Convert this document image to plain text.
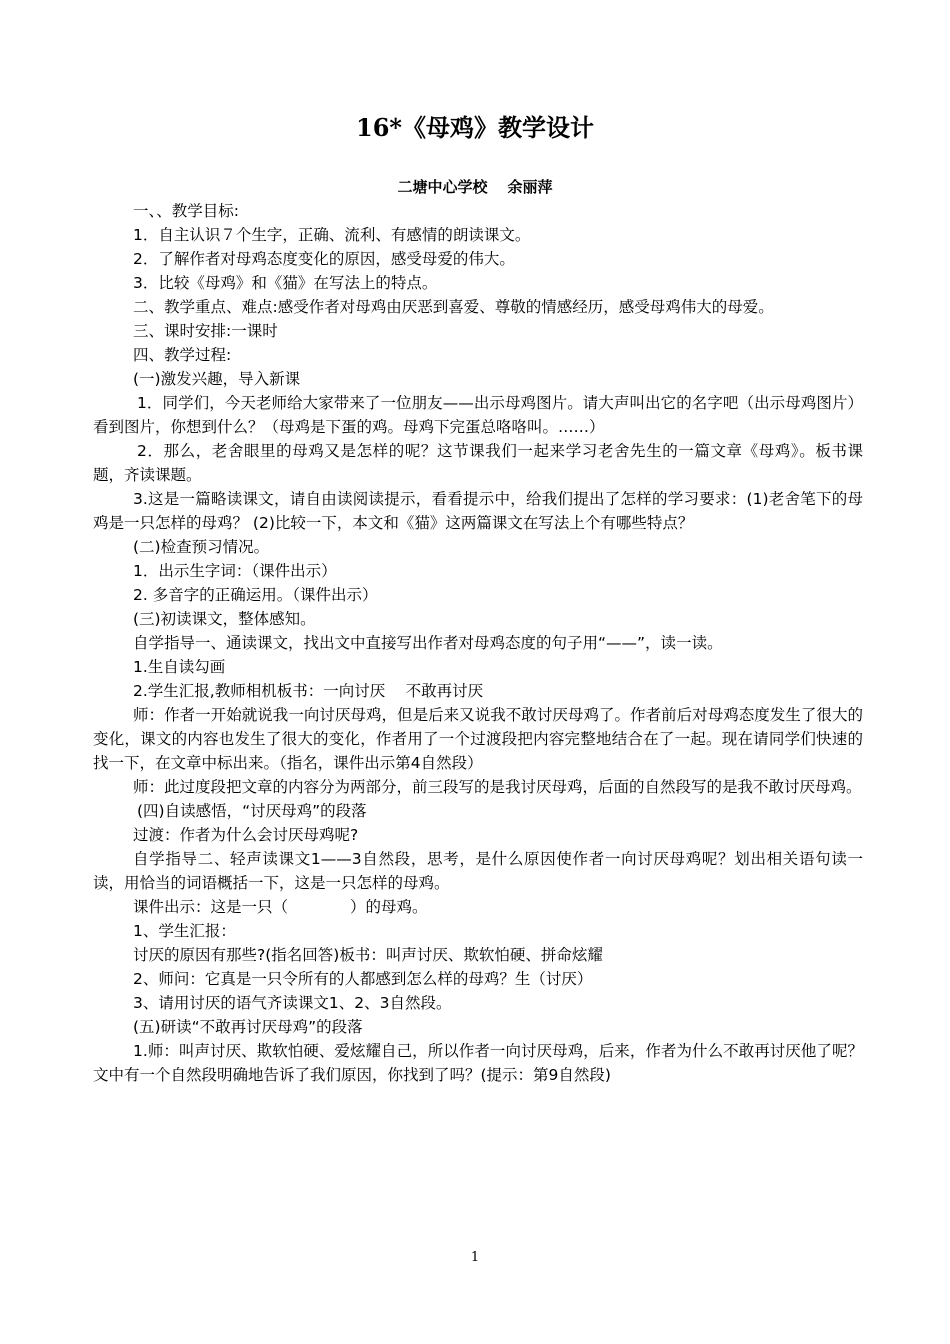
16*《母鸡》教学设计
二塘中心学校 余丽萍

一、、教学目标:

1．自主认识７个生字，正确、流利、有感情的朗读课文。

2．了解作者对母鸡态度变化的原因，感受母爱的伟大。

3．比较《母鸡》和《猫》在写法上的特点。

二、教学重点、难点:感受作者对母鸡由厌恶到喜爱、尊敬的情感经历，感受母鸡伟大的母爱。

三、课时安排:一课时

四、教学过程:

(一)激发兴趣，导入新课

1．同学们，今天老师给大家带来了一位朋友——出示母鸡图片。请大声叫出它的名字吧（出示母鸡图片）看到图片，你想到什么？（母鸡是下蛋的鸡。母鸡下完蛋总咯咯叫。……）

2．那么，老舍眼里的母鸡又是怎样的呢？这节课我们一起来学习老舍先生的一篇文章《母鸡》。板书课题，齐读课题。

3.这是一篇略读课文，请自由读阅读提示，看看提示中，给我们提出了怎样的学习要求：(1)老舍笔下的母鸡是一只怎样的母鸡？ (2)比较一下，本文和《猫》这两篇课文在写法上个有哪些特点？

(二)检查预习情况。

1．出示生字词：（课件出示）

2. 多音字的正确运用。（课件出示）

(三)初读课文，整体感知。

自学指导一、通读课文，找出文中直接写出作者对母鸡态度的句子用“——”，读一读。

1.生自读勾画

2.学生汇报,教师相机板书：一向讨厌　 不敢再讨厌

师：作者一开始就说我一向讨厌母鸡，但是后来又说我不敢讨厌母鸡了。作者前后对母鸡态度发生了很大的变化，课文的内容也发生了很大的变化，作者用了一个过渡段把内容完整地结合在了一起。现在请同学们快速的找一下，在文章中标出来。（指名，课件出示第4自然段）

师：此过度段把文章的内容分为两部分，前三段写的是我讨厌母鸡，后面的自然段写的是我不敢讨厌母鸡。

(四)自读感悟，“讨厌母鸡”的段落

过渡：作者为什么会讨厌母鸡呢?

自学指导二、轻声读课文1——3自然段，思考，是什么原因使作者一向讨厌母鸡呢？划出相关语句读一读，用恰当的词语概括一下，这是一只怎样的母鸡。

课件出示：这是一只（　　　　）的母鸡。

1、学生汇报：

讨厌的原因有那些?(指名回答)板书：叫声讨厌、欺软怕硬、拼命炫耀

2、师问：它真是一只令所有的人都感到怎么样的母鸡？生（讨厌）

3、请用讨厌的语气齐读课文1、2、3自然段。

(五)研读“不敢再讨厌母鸡”的段落

1.师：叫声讨厌、欺软怕硬、爱炫耀自己，所以作者一向讨厌母鸡，后来，作者为什么不敢再讨厌他了呢？文中有一个自然段明确地告诉了我们原因，你找到了吗？(提示：第9自然段)

1
